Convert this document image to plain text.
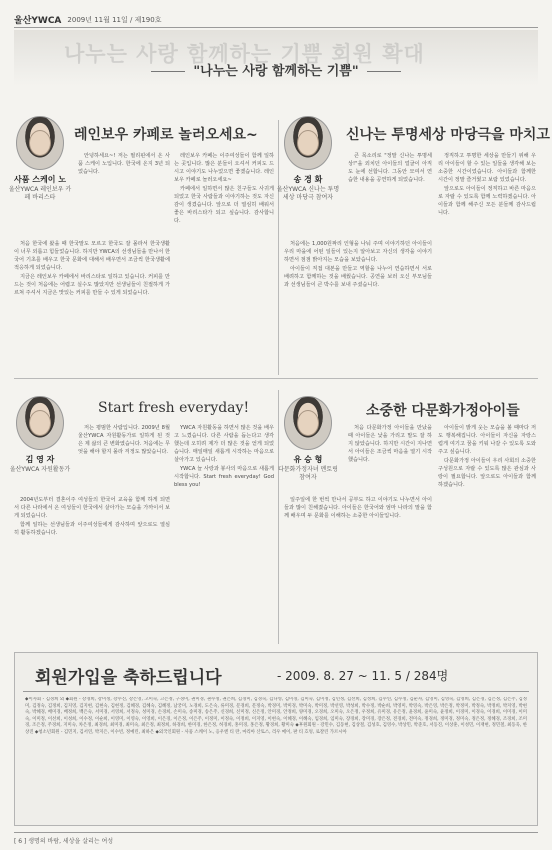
울산YWCA 2009년 11월 11일 / 제190호
나누는 사랑 함께하는 기쁨 회원 확대
"나누는 사랑 함께하는 기쁨"
레인보우 카페로 놀러오세요~
사품 스케이 노
울산YWCA 레인보우 카페 바리스타

안녕하세요~! 저는 필리핀에서 온 사품 스케이 노입니다. 한국에 온지 3년 되었습니다.

처음 한국에 왔을 때 한국말도 모르고 한국도 잘 몰라서 한국생활이 너무 외롭고 힘들었습니다. 하지만 YWCA의 선생님들을 만나서 한국어 기초를 배우고 한국 문화에 대해서 배우면서 조금씩 한국생활에 적응하게 되었습니다.

지금은 레인보우 카페에서 바리스타로 일하고 있습니다. 커피를 만드는 것이 처음에는 어렵고 실수도 많았지만 선생님들이 친절하게 가르쳐 주셔서 지금은 맛있는 커피를 만들 수 있게 되었습니다.

레인보우 카페는 이주여성들이 함께 일하는 곳입니다. 많은 분들이 오셔서 커피도 드시고 이야기도 나누었으면 좋겠습니다. 레인보우 카페로 놀러오세요~

카페에서 일하면서 많은 친구들도 사귀게 되었고 한국 사람들과 이야기하는 것도 자신감이 생겼습니다. 앞으로 더 열심히 배워서 좋은 바리스타가 되고 싶습니다. 감사합니다.

신나는 투명세상 마당극을 마치고
송 경 화
울산YWCA 신나는 투명세상 마당극 참여자

큰 목소리로 "정말 신나는 투명세상!"을 외치던 아이들의 얼굴이 아직도 눈에 선합니다. 그동안 모여서 연습한 내용을 공연하게 되었습니다.

처음에는 1,000원짜리 인형을 나눠 주며 이야기하던 아이들이 우리 마을에 어떤 일들이 있는지 알아보고 자신의 생각을 이야기하면서 점점 밝아지는 모습을 보았습니다.

아이들이 직접 대본을 만들고 역할을 나누어 연습하면서 서로 배려하고 함께하는 것을 배웠습니다. 공연을 보러 오신 부모님들과 선생님들이 큰 박수를 보내 주셨습니다.

정직하고 투명한 세상을 만들기 위해 우리 아이들이 할 수 있는 일들을 생각해 보는 소중한 시간이었습니다. 아이들과 함께한 시간이 정말 즐거웠고 보람 있었습니다.

앞으로도 아이들이 정직하고 바른 마음으로 자랄 수 있도록 함께 노력하겠습니다. 아이들과 함께 해주신 모든 분들께 감사드립니다.

Start fresh everyday!
김 영 자
울산YWCA 자원활동가

저는 평범한 사람입니다. 2009년 8월 울산YWCA 자원활동가로 일하게 된 것은 제 삶의 큰 변화였습니다. 처음에는 무엇을 해야 할지 몰라 걱정도 많았습니다.

2004년도부터 결혼이주 여성들의 한국어 교육을 함께 하게 되면서 다른 나라에서 온 여성들이 한국에서 살아가는 모습을 가까이서 보게 되었습니다.

함께 일하는 선생님들과 이주여성들에게 감사하며 앞으로도 열심히 활동하겠습니다.

YWCA 자원활동을 하면서 많은 것을 배우고 느꼈습니다. 다른 사람을 돕는다고 생각했는데 오히려 제가 더 많은 것을 얻게 되었습니다. 매일매일 새롭게 시작하는 마음으로 살아가고 있습니다.

YWCA 늘 사랑과 봉사의 마음으로 새롭게 시작합니다. Start fresh everyday! God bless you!

소중한 다문화가정아이들
유 승 형
다문화가정자녀 멘토링 참여자

처음 다문화가정 아이들을 만났을 때 아이들은 낯을 가리고 말도 잘 하지 않았습니다. 하지만 시간이 지나면서 아이들은 조금씩 마음을 열기 시작했습니다.

일주일에 한 번씩 만나서 공부도 하고 이야기도 나누면서 아이들과 많이 친해졌습니다. 아이들은 한국어와 엄마 나라의 말을 함께 배우며 두 문화를 이해하는 소중한 아이들입니다.

아이들이 밝게 웃는 모습을 볼 때마다 저도 행복해집니다. 아이들이 자신을 자랑스럽게 여기고 꿈을 키워 나갈 수 있도록 도와주고 싶습니다.

다문화가정 아이들이 우리 사회의 소중한 구성원으로 자랄 수 있도록 많은 관심과 사랑이 필요합니다. 앞으로도 아이들과 함께 하겠습니다.

회원가입을 축하드립니다	- 2009. 8. 27 ~ 11. 5 / 284명
◆이사회 - 김경희 외 ◆회원 - 강경희, 강미정, 강수진, 강은영, 고미숙, 고은정, 구경미, 권미경, 권수정, 권은희, 김경미, 김경숙, 김나영, 김미경, 김미숙, 김미정, 김민정, 김선희, 김성희, 김수연, 김수정, 김순자, 김영미, 김영숙, 김영희, 김은경, 김은정, 김은주, 김정미, 김정숙, 김정희, 김지영, 김지현, 김현숙, 김현정, 김혜경, 김혜숙, 김혜정, 남궁미, 노경희, 도은숙, 류미경, 문경희, 문정숙, 박경미, 박미경, 박미숙, 박미정, 박선영, 박성희, 박수정, 박순희, 박영미, 박영숙, 박은영, 박은정, 박정미, 박정숙, 박정희, 박지영, 박현숙, 박혜경, 배미경, 배정희, 백은숙, 서미경, 서영희, 서정숙, 성미경, 손경희, 손미숙, 송미경, 송은주, 신경희, 신미정, 신은정, 안미경, 안정희, 양미경, 오경희, 오미숙, 오은정, 우정희, 유미경, 유은정, 윤경희, 윤미숙, 윤정희, 이경미, 이경숙, 이경희, 이미경, 이미숙, 이미정, 이선희, 이성희, 이수정, 이순희, 이영미, 이영숙, 이영희, 이은경, 이은정, 이은주, 이정미, 이정숙, 이정희, 이지영, 이현숙, 이혜경, 이혜숙, 임경희, 임미숙, 장경희, 장미경, 장은정, 전경희, 전미숙, 정경희, 정미경, 정미숙, 정은정, 정혜경, 조경희, 조미경, 조은정, 주경희, 지미숙, 차은정, 최경희, 최미경, 최미숙, 최은정, 최정희, 하경희, 한미경, 한은정, 허경희, 홍미경, 홍은정, 황경희, 황미숙 ◆후원회원 - 강민수, 김동현, 김상철, 김성호, 김영수, 박상민, 박준호, 서동진, 이상훈, 이성민, 이재현, 정민철, 최동욱, 한상진 ◆청소년회원 - 김민지, 김서연, 박지은, 이수빈, 정예린, 최하은 ◆외국인회원 - 사품 스케이 노, 응우엔 티 란, 마리아 산토스, 리우 메이, 판 티 흐엉, 로잘린 가르시아
[ 6 ] 생명의 바람, 세상을 살리는 여성
